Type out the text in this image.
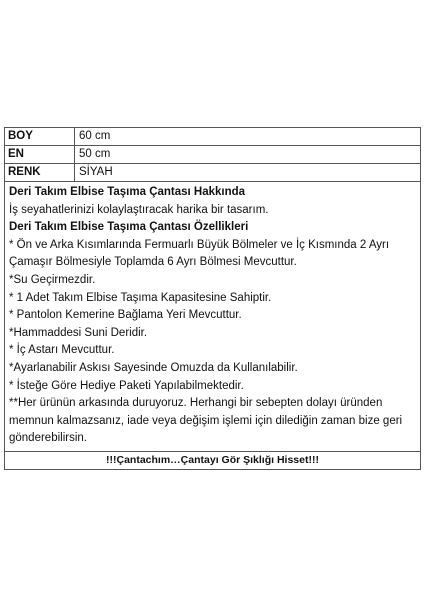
BOY	60 cm
EN	50 cm
RENK	SİYAH
Deri Takım Elbise Taşıma Çantası Hakkında
İş seyahatlerinizi kolaylaştıracak harika bir tasarım.
Deri Takım Elbise Taşıma Çantası Özellikleri
* Ön ve Arka Kısımlarında Fermuarlı Büyük Bölmeler ve İç Kısmında 2 Ayrı Çamaşır Bölmesiyle Toplamda 6 Ayrı Bölmesi Mevcuttur.
*Su Geçirmezdir.
* 1 Adet Takım Elbise Taşıma Kapasitesine Sahiptir.
* Pantolon Kemerine Bağlama Yeri Mevcuttur.
*Hammaddesi Suni Deridir.
* İç Astarı Mevcuttur.
*Ayarlanabilir Askısı Sayesinde Omuzda da Kullanılabilir.
* İsteğe Göre Hediye Paketi Yapılabilmektedir.
**Her ürünün arkasında duruyoruz. Herhangi bir sebepten dolayı üründen memnun kalmazsanız, iade veya değişim işlemi için dilediğin zaman bize geri gönderebilirsin.
!!!Çantachım…Çantayı Gör Şıklığı Hisset!!!
